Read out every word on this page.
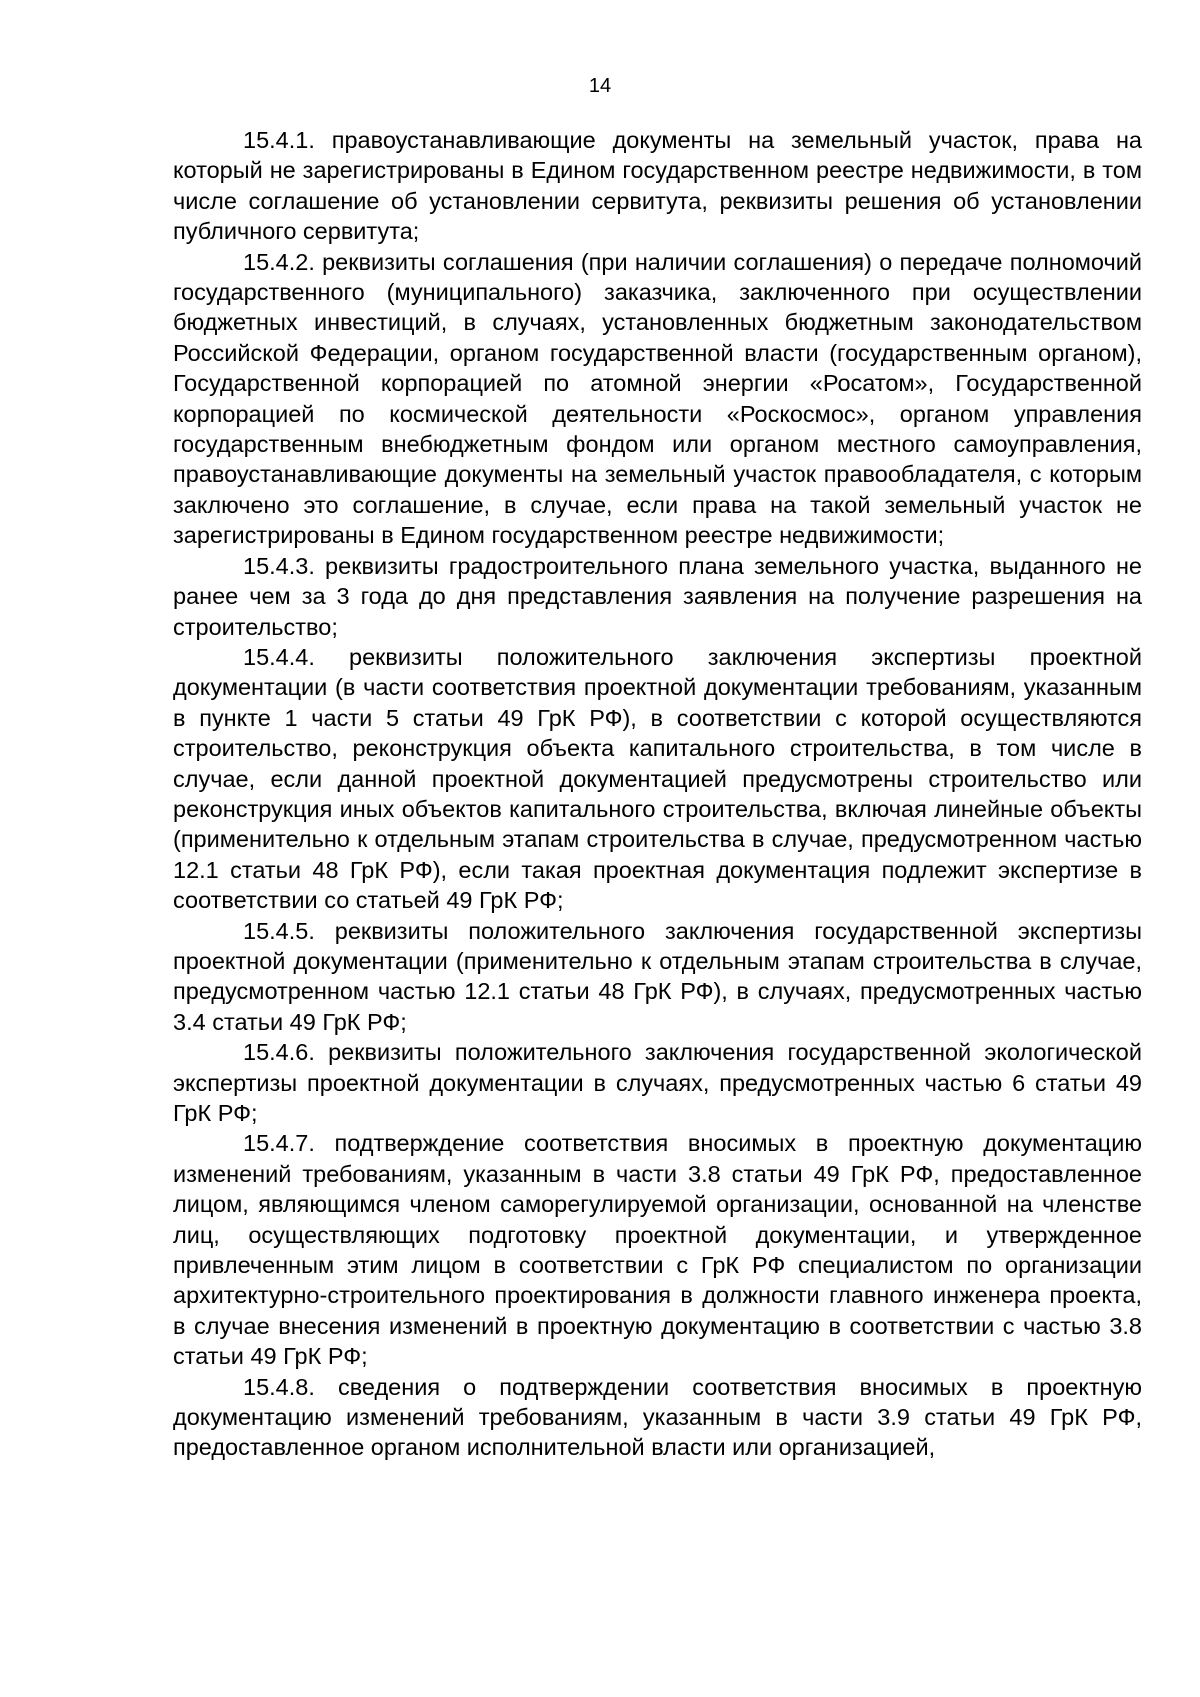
14

15.4.1. правоустанавливающие документы на земельный участок, права на который не зарегистрированы в Едином государственном реестре недвижимости, в том числе соглашение об установлении сервитута, реквизиты решения об установлении публичного сервитута;

15.4.2. реквизиты соглашения (при наличии соглашения) о передаче полномочий государственного (муниципального) заказчика, заключенного при осуществлении бюджетных инвестиций, в случаях, установленных бюджетным законодательством Российской Федерации, органом государственной власти (государственным органом), Государственной корпорацией по атомной энергии «Росатом», Государственной корпорацией по космической деятельности «Роскосмос», органом управления государственным внебюджетным фондом или органом местного самоуправления, правоустанавливающие документы на земельный участок правообладателя, с которым заключено это соглашение, в случае, если права на такой земельный участок не зарегистрированы в Едином государственном реестре недвижимости;

15.4.3. реквизиты градостроительного плана земельного участка, выданного не ранее чем за 3 года до дня представления заявления на получение разрешения на строительство;

15.4.4. реквизиты положительного заключения экспертизы проектной документации (в части соответствия проектной документации требованиям, указанным в пункте 1 части 5 статьи 49 ГрК РФ), в соответствии с которой осуществляются строительство, реконструкция объекта капитального строительства, в том числе в случае, если данной проектной документацией предусмотрены строительство или реконструкция иных объектов капитального строительства, включая линейные объекты (применительно к отдельным этапам строительства в случае, предусмотренном частью 12.1 статьи 48 ГрК РФ), если такая проектная документация подлежит экспертизе в соответствии со статьей 49 ГрК РФ;

15.4.5. реквизиты положительного заключения государственной экспертизы проектной документации (применительно к отдельным этапам строительства в случае, предусмотренном частью 12.1 статьи 48 ГрК РФ), в случаях, предусмотренных частью 3.4 статьи 49 ГрК РФ;

15.4.6. реквизиты положительного заключения государственной экологической экспертизы проектной документации в случаях, предусмотренных частью 6 статьи 49 ГрК РФ;

15.4.7. подтверждение соответствия вносимых в проектную документацию изменений требованиям, указанным в части 3.8 статьи 49 ГрК РФ, предоставленное лицом, являющимся членом саморегулируемой организации, основанной на членстве лиц, осуществляющих подготовку проектной документации, и утвержденное привлеченным этим лицом в соответствии с ГрК РФ специалистом по организации архитектурно-строительного проектирования в должности главного инженера проекта, в случае внесения изменений в проектную документацию в соответствии с частью 3.8 статьи 49 ГрК РФ;

15.4.8. сведения о подтверждении соответствия вносимых в проектную документацию изменений требованиям, указанным в части 3.9 статьи 49 ГрК РФ, предоставленное органом исполнительной власти или организацией,
